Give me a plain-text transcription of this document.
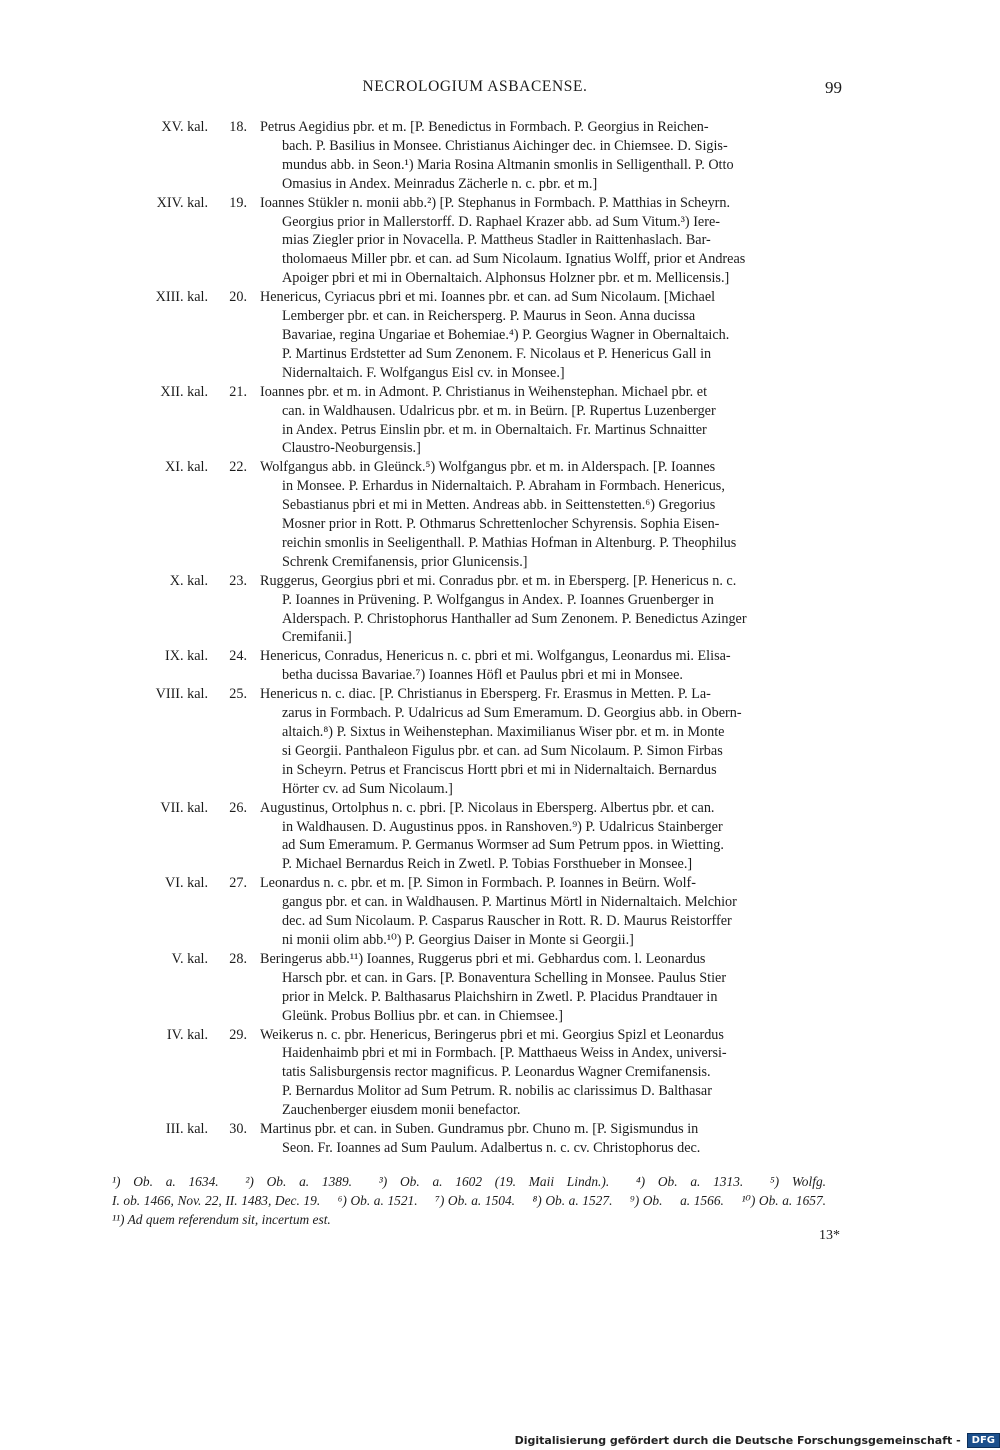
NECROLOGIUM ASBACENSE.	99
XV. kal.	18. Petrus Aegidius pbr. et m. [P. Benedictus in Formbach. P. Georgius in Reichen-
bach. P. Basilius in Monsee. Christianus Aichinger dec. in Chiemsee. D. Sigis-
mundus abb. in Seon.¹) Maria Rosina Altmanin smonlis in Selligenthall. P. Otto
Omasius in Andex. Meinradus Zächerle n. c. pbr. et m.]
XIV. kal.	19. Ioannes Stükler n. monii abb.²) [P. Stephanus in Formbach. P. Matthias in Scheyrn.
Georgius prior in Mallerstorff. D. Raphael Krazer abb. ad Sum Vitum.³) Iere-
mias Ziegler prior in Novacella. P. Mattheus Stadler in Raittenhaslach. Bar-
tholomaeus Miller pbr. et can. ad Sum Nicolaum. Ignatius Wolff, prior et Andreas
Apoiger pbri et mi in Obernaltaich. Alphonsus Holzner pbr. et m. Mellicensis.]
XIII. kal.	20. Henericus, Cyriacus pbri et mi. Ioannes pbr. et can. ad Sum Nicolaum. [Michael
Lemberger pbr. et can. in Reichersperg. P. Maurus in Seon. Anna ducissa
Bavariae, regina Ungariae et Bohemiae.⁴) P. Georgius Wagner in Obernaltaich.
P. Martinus Erdstetter ad Sum Zenonem. F. Nicolaus et P. Henericus Gall in
Nidernaltaich. F. Wolfgangus Eisl cv. in Monsee.]
XII. kal.	21. Ioannes pbr. et m. in Admont. P. Christianus in Weihenstephan. Michael pbr. et
can. in Waldhausen. Udalricus pbr. et m. in Beürn. [P. Rupertus Luzenberger
in Andex. Petrus Einslin pbr. et m. in Obernaltaich. Fr. Martinus Schnaitter
Claustro-Neoburgensis.]
XI. kal.	22. Wolfgangus abb. in Gleünck.⁵) Wolfgangus pbr. et m. in Alderspach. [P. Ioannes
in Monsee. P. Erhardus in Nidernaltaich. P. Abraham in Formbach. Henericus,
Sebastianus pbri et mi in Metten. Andreas abb. in Seittenstetten.⁶) Gregorius
Mosner prior in Rott. P. Othmarus Schrettenlocher Schyrensis. Sophia Eisen-
reichin smonlis in Seeligenthall. P. Mathias Hofman in Altenburg. P. Theophilus
Schrenk Cremifanensis, prior Glunicensis.]
X. kal.	23. Ruggerus, Georgius pbri et mi. Conradus pbr. et m. in Ebersperg. [P. Henericus n. c.
P. Ioannes in Prüvening. P. Wolfgangus in Andex. P. Ioannes Gruenberger in
Alderspach. P. Christophorus Hanthaller ad Sum Zenonem. P. Benedictus Azinger
Cremifanii.]
IX. kal.	24. Henericus, Conradus, Henericus n. c. pbri et mi. Wolfgangus, Leonardus mi. Elisa-
betha ducissa Bavariae.⁷) Ioannes Höfl et Paulus pbri et mi in Monsee.
VIII. kal.	25. Henericus n. c. diac. [P. Christianus in Ebersperg. Fr. Erasmus in Metten. P. La-
zarus in Formbach. P. Udalricus ad Sum Emeramum. D. Georgius abb. in Obern-
altaich.⁸) P. Sixtus in Weihenstephan. Maximilianus Wiser pbr. et m. in Monte
si Georgii. Panthaleon Figulus pbr. et can. ad Sum Nicolaum. P. Simon Firbas
in Scheyrn. Petrus et Franciscus Hortt pbri et mi in Nidernaltaich. Bernardus
Hörter cv. ad Sum Nicolaum.]
VII. kal.	26. Augustinus, Ortolphus n. c. pbri. [P. Nicolaus in Ebersperg. Albertus pbr. et can.
in Waldhausen. D. Augustinus ppos. in Ranshoven.⁹) P. Udalricus Stainberger
ad Sum Emeramum. P. Germanus Wormser ad Sum Petrum ppos. in Wietting.
P. Michael Bernardus Reich in Zwetl. P. Tobias Forsthueber in Monsee.]
VI. kal.	27. Leonardus n. c. pbr. et m. [P. Simon in Formbach. P. Ioannes in Beürn. Wolf-
gangus pbr. et can. in Waldhausen. P. Martinus Mörtl in Nidernaltaich. Melchior
dec. ad Sum Nicolaum. P. Casparus Rauscher in Rott. R. D. Maurus Reistorffer
ni monii olim abb.¹⁰) P. Georgius Daiser in Monte si Georgii.]
V. kal.	28. Beringerus abb.¹¹) Ioannes, Ruggerus pbri et mi. Gebhardus com. l. Leonardus
Harsch pbr. et can. in Gars. [P. Bonaventura Schelling in Monsee. Paulus Stier
prior in Melck. P. Balthasarus Plaichshirn in Zwetl. P. Placidus Prandtauer in
Gleünk. Probus Bollius pbr. et can. in Chiemsee.]
IV. kal.	29. Weikerus n. c. pbr. Henericus, Beringerus pbri et mi. Georgius Spizl et Leonardus
Haidenhaimb pbri et mi in Formbach. [P. Matthaeus Weiss in Andex, universi-
tatis Salisburgensis rector magnificus. P. Leonardus Wagner Cremifanensis.
P. Bernardus Molitor ad Sum Petrum. R. nobilis ac clarissimus D. Balthasar
Zauchenberger eiusdem monii benefactor.
III. kal.	30. Martinus pbr. et can. in Suben. Gundramus pbr. Chuno m. [P. Sigismundus in
Seon. Fr. Ioannes ad Sum Paulum. Adalbertus n. c. cv. Christophorus dec.
¹) Ob. a. 1634. ²) Ob. a. 1389. ³) Ob. a. 1602 (19. Maii Lindn.). ⁴) Ob. a. 1313. ⁵) Wolfg. I. ob. 1466, Nov. 22, II. 1483, Dec. 19. ⁶) Ob. a. 1521. ⁷) Ob. a. 1504. ⁸) Ob. a. 1527. ⁹) Ob. a. 1566. ¹⁰) Ob. a. 1657. ¹¹) Ad quem referendum sit, incertum est.
13*
Digitalisierung gefördert durch die Deutsche Forschungsgemeinschaft -	DFG
